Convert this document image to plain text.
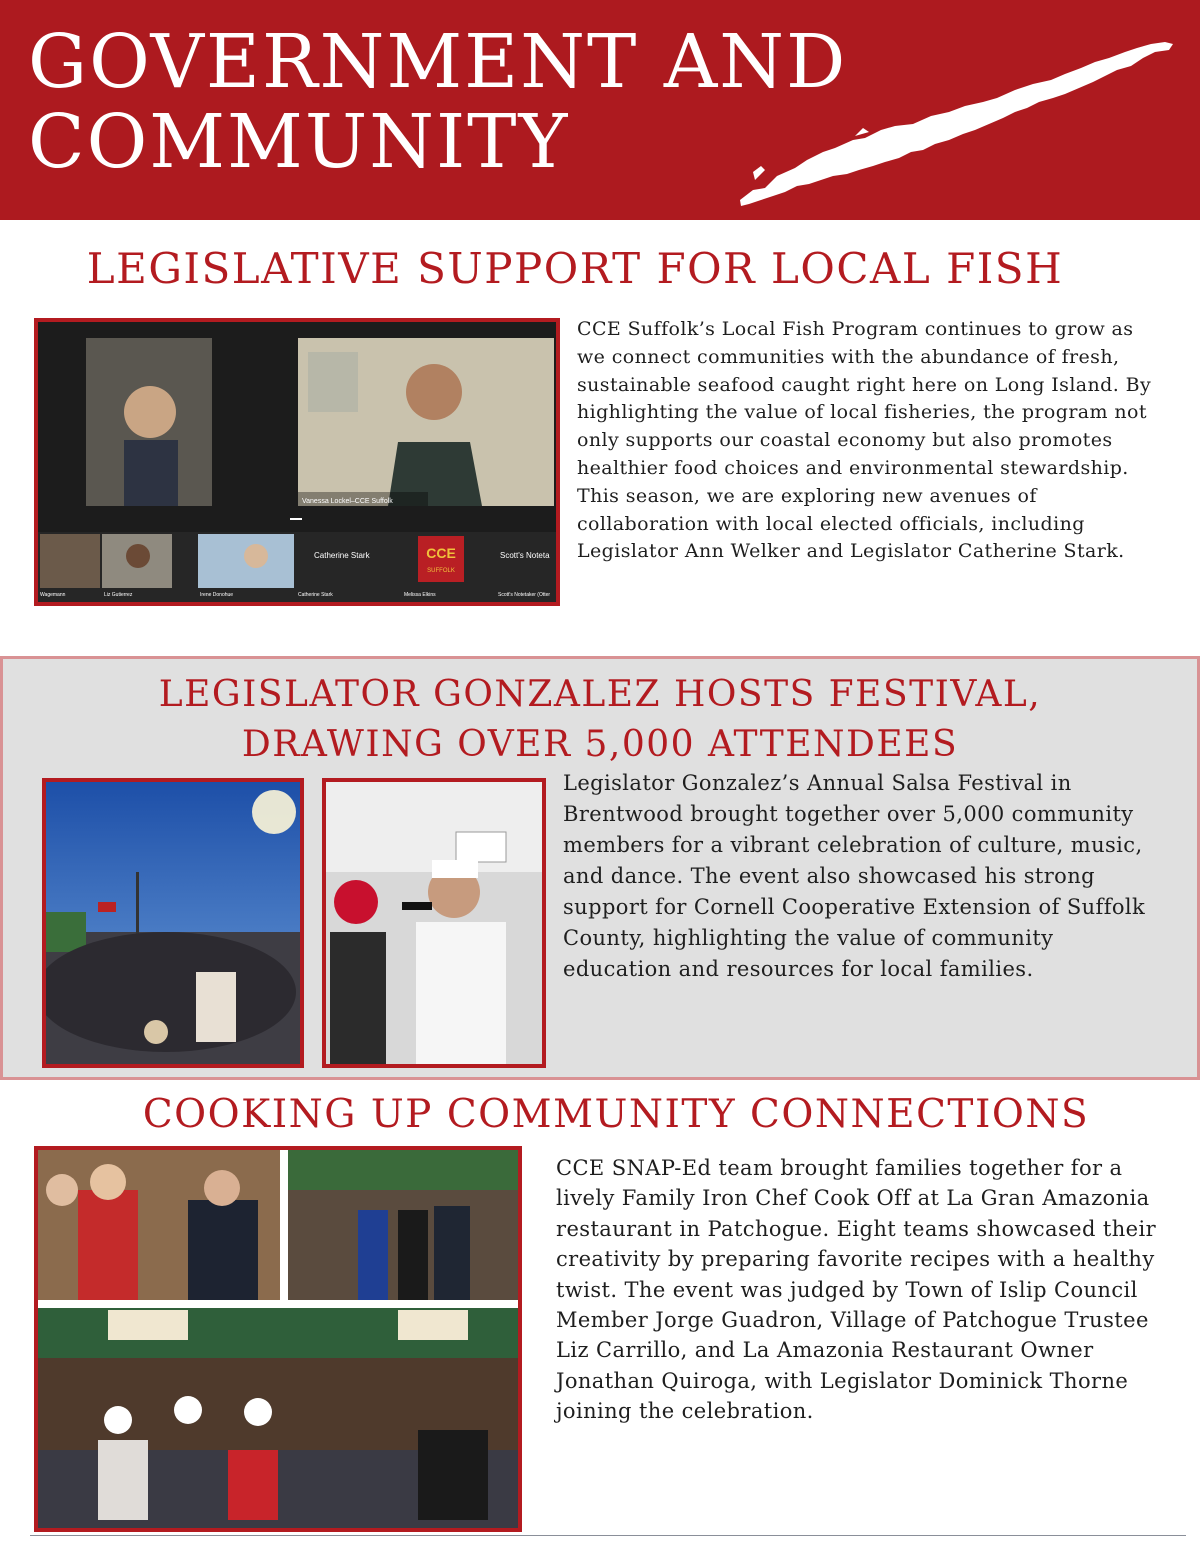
GOVERNMENT AND
COMMUNITY
LEGISLATIVE SUPPORT FOR LOCAL FISH
Vanessa Lockel–CCE Suffolk
CCE
SUFFOLK
Catherine Stark	Scott's Noteta
Wagemann	Liz Gutierrez	Irene Donohue	Catherine Stark	Melissa Elkins	Scott's Notetaker (Otter

CCE Suffolk’s Local Fish Program continues to grow as we connect communities with the abundance of fresh, sustainable seafood caught right here on Long Island. By highlighting the value of local fisheries, the program not only supports our coastal economy but also promotes healthier food choices and environmental stewardship. This season, we are exploring new avenues of collaboration with local elected officials, including Legislator Ann Welker and Legislator Catherine Stark.

LEGISLATOR GONZALEZ HOSTS FESTIVAL,
DRAWING OVER 5,000 ATTENDEES

Legislator Gonzalez’s Annual Salsa Festival in Brentwood brought together over 5,000 community members for a vibrant celebration of culture, music, and dance. The event also showcased his strong support for Cornell Cooperative Extension of Suffolk County, highlighting the value of community education and resources for local families.

COOKING UP COMMUNITY CONNECTIONS

CCE SNAP-Ed team brought families together for a lively Family Iron Chef Cook Off at La Gran Amazonia restaurant in Patchogue. Eight teams showcased their creativity by preparing favorite recipes with a healthy twist. The event was judged by Town of Islip Council Member Jorge Guadron, Village of Patchogue Trustee Liz Carrillo, and La Amazonia Restaurant Owner Jonathan Quiroga, with Legislator Dominick Thorne joining the celebration.
